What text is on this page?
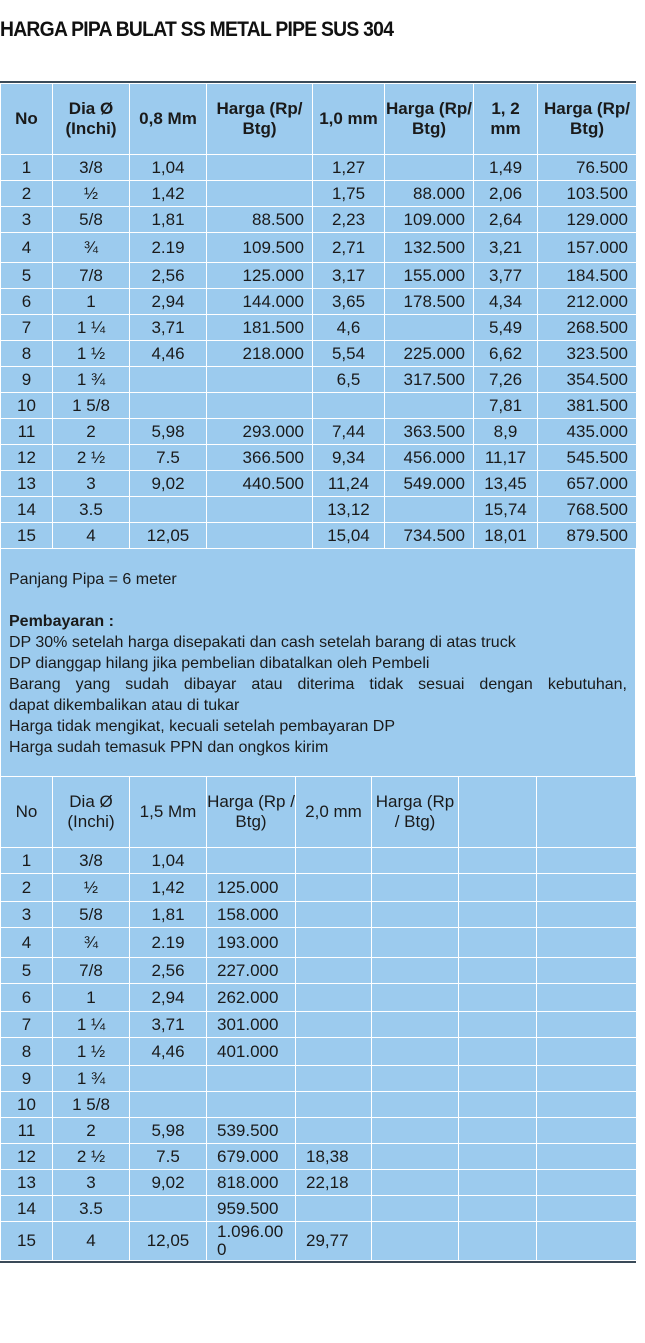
HARGA PIPA BULAT SS METAL PIPE SUS 304
No	Dia Ø (Inchi)	0,8 Mm	Harga (Rp/ Btg)	1,0 mm	Harga (Rp/ Btg)	1, 2 mm	Harga (Rp/ Btg)
1	3/8	1,04		1,27		1,49	76.500
2	½	1,42		1,75	88.000	2,06	103.500
3	5/8	1,81	88.500	2,23	109.000	2,64	129.000
4	¾	2.19	109.500	2,71	132.500	3,21	157.000
5	7/8	2,56	125.000	3,17	155.000	3,77	184.500
6	1	2,94	144.000	3,65	178.500	4,34	212.000
7	1 ¼	3,71	181.500	4,6		5,49	268.500
8	1 ½	4,46	218.000	5,54	225.000	6,62	323.500
9	1 ¾			6,5	317.500	7,26	354.500
10	1 5/8					7,81	381.500
11	2	5,98	293.000	7,44	363.500	8,9	435.000
12	2 ½	7.5	366.500	9,34	456.000	11,17	545.500
13	3	9,02	440.500	11,24	549.000	13,45	657.000
14	3.5			13,12		15,74	768.500
15	4	12,05		15,04	734.500	18,01	879.500

Panjang Pipa = 6 meter

Pembayaran :

DP 30% setelah harga disepakati dan cash setelah barang di atas truck

DP dianggap hilang jika pembelian dibatalkan oleh Pembeli

Barang yang sudah dibayar atau diterima tidak sesuai dengan kebutuhan,

dapat dikembalikan atau di tukar

Harga tidak mengikat, kecuali setelah pembayaran DP

Harga sudah temasuk PPN dan ongkos kirim

No	Dia Ø (Inchi)	1,5 Mm	Harga (Rp / Btg)	2,0 mm	Harga (Rp / Btg)		
1	3/8	1,04					
2	½	1,42	125.000				
3	5/8	1,81	158.000				
4	¾	2.19	193.000				
5	7/8	2,56	227.000				
6	1	2,94	262.000				
7	1 ¼	3,71	301.000				
8	1 ½	4,46	401.000				
9	1 ¾						
10	1 5/8						
11	2	5,98	539.500				
12	2 ½	7.5	679.000	18,38			
13	3	9,02	818.000	22,18			
14	3.5		959.500				
15	4	12,05	1.096.000	29,77			
